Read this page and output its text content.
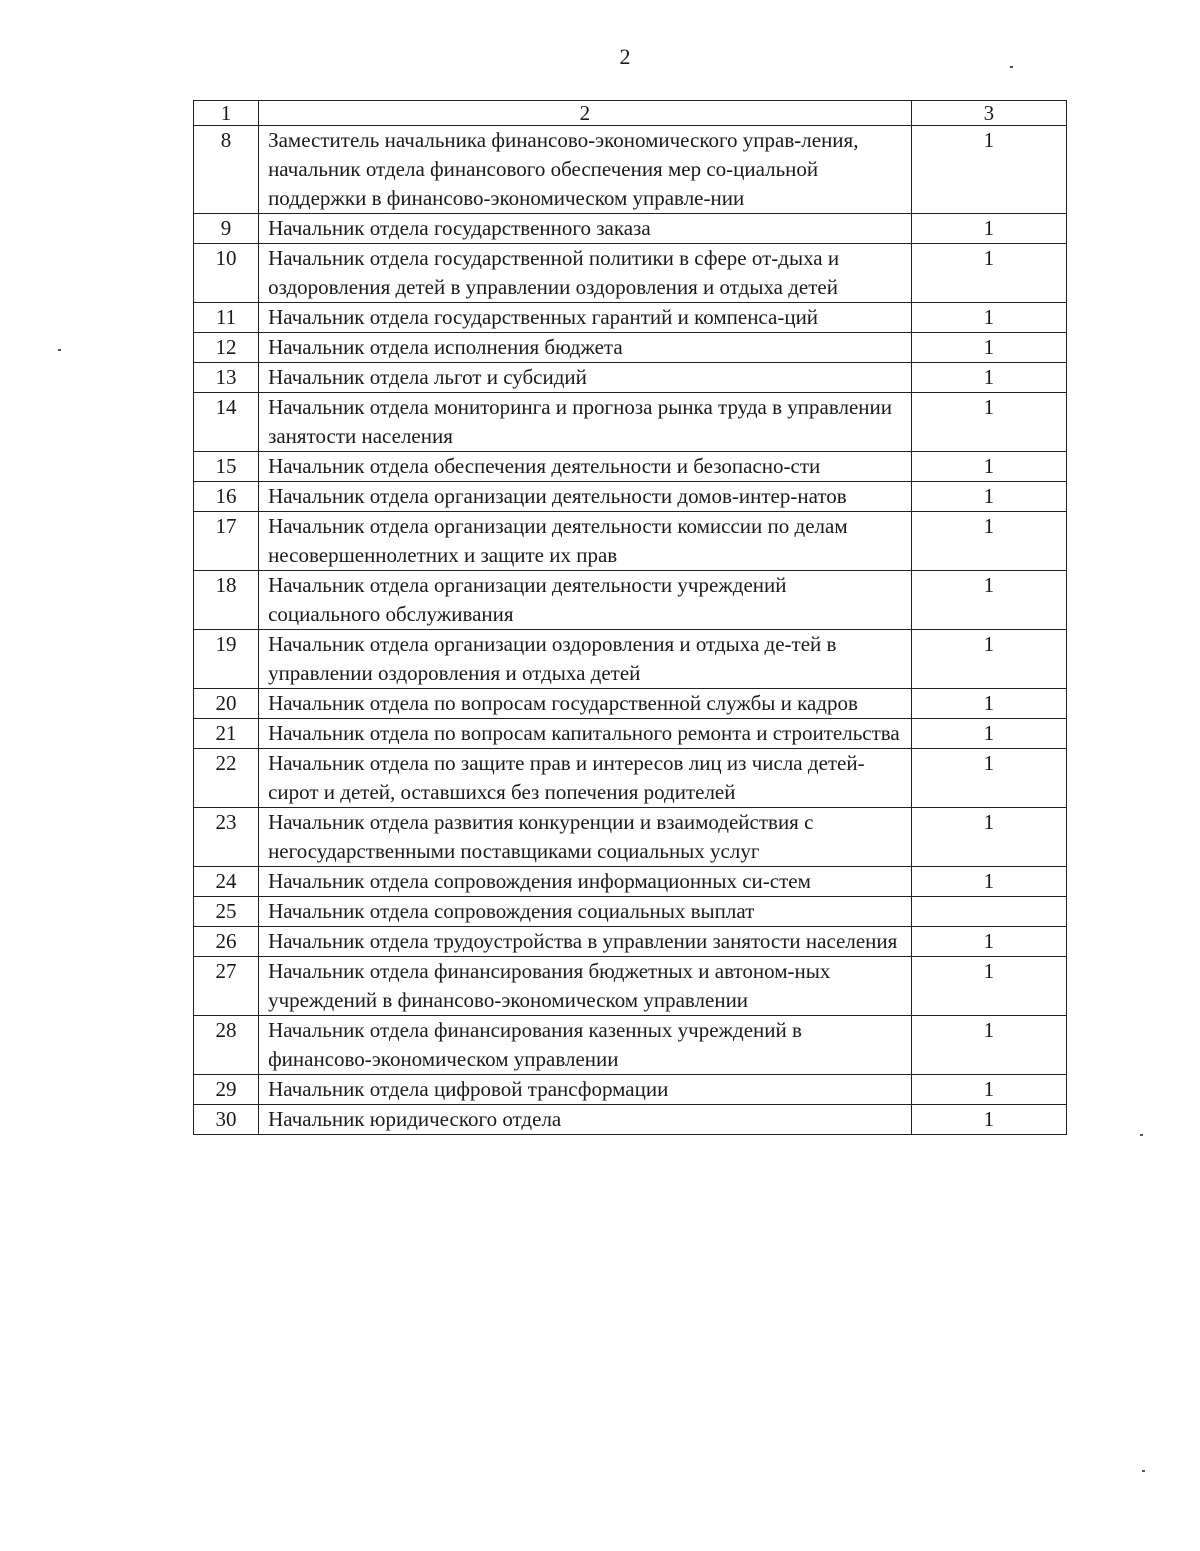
2
1	2	3
8	Заместитель начальника финансово-экономического управ-ления, начальник отдела финансового обеспечения мер со-циальной поддержки в финансово-экономическом управле-нии	1
9	Начальник отдела государственного заказа	1
10	Начальник отдела государственной политики в сфере от-дыха и оздоровления детей в управлении оздоровления и отдыха детей	1
11	Начальник отдела государственных гарантий и компенса-ций	1
12	Начальник отдела исполнения бюджета	1
13	Начальник отдела льгот и субсидий	1
14	Начальник отдела мониторинга и прогноза рынка труда в управлении занятости населения	1
15	Начальник отдела обеспечения деятельности и безопасно-сти	1
16	Начальник отдела организации деятельности домов-интер-натов	1
17	Начальник отдела организации деятельности комиссии по делам несовершеннолетних и защите их прав	1
18	Начальник отдела организации деятельности учреждений социального обслуживания	1
19	Начальник отдела организации оздоровления и отдыха де-тей в управлении оздоровления и отдыха детей	1
20	Начальник отдела по вопросам государственной службы и кадров	1
21	Начальник отдела по вопросам капитального ремонта и строительства	1
22	Начальник отдела по защите прав и интересов лиц из числа детей-сирот и детей, оставшихся без попечения родителей	1
23	Начальник отдела развития конкуренции и взаимодействия с негосударственными поставщиками социальных услуг	1
24	Начальник отдела сопровождения информационных си-стем	1
25	Начальник отдела сопровождения социальных выплат	
26	Начальник отдела трудоустройства в управлении занятости населения	1
27	Начальник отдела финансирования бюджетных и автоном-ных учреждений в финансово-экономическом управлении	1
28	Начальник отдела финансирования казенных учреждений в финансово-экономическом управлении	1
29	Начальник отдела цифровой трансформации	1
30	Начальник юридического отдела	1
